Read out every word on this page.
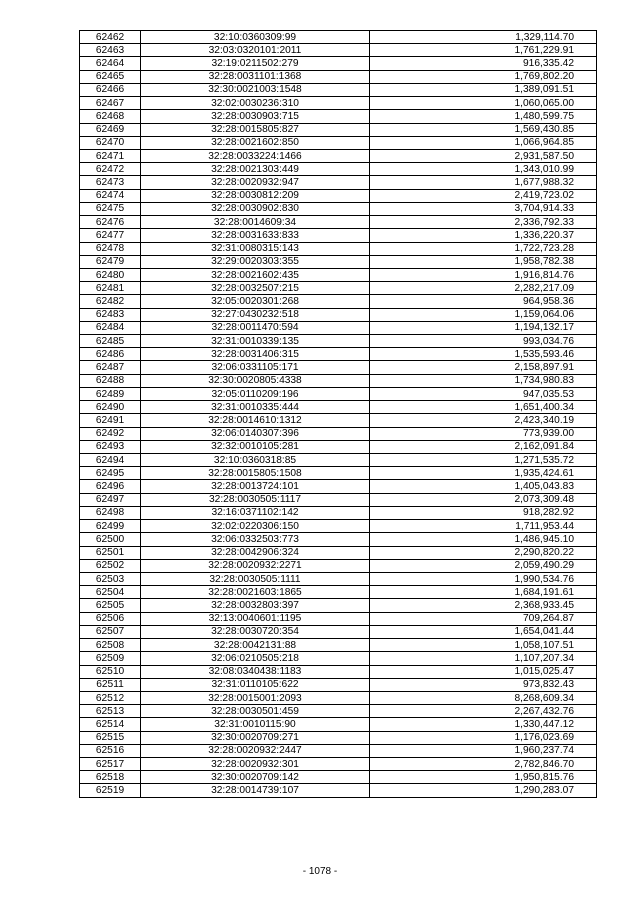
62462	32:10:0360309:99	1,329,114.70
62463	32:03:0320101:2011	1,761,229.91
62464	32:19:0211502:279	916,335.42
62465	32:28:0031101:1368	1,769,802.20
62466	32:30:0021003:1548	1,389,091.51
62467	32:02:0030236:310	1,060,065.00
62468	32:28:0030903:715	1,480,599.75
62469	32:28:0015805:827	1,569,430.85
62470	32:28:0021602:850	1,066,964.85
62471	32:28:0033224:1466	2,931,587.50
62472	32:28:0021303:449	1,343,010.99
62473	32:28:0020932:947	1,677,988.32
62474	32:28:0030812:209	2,419,723.02
62475	32:28:0030902:830	3,704,914.33
62476	32:28:0014609:34	2,336,792.33
62477	32:28:0031633:833	1,336,220.37
62478	32:31:0080315:143	1,722,723.28
62479	32:29:0020303:355	1,958,782.38
62480	32:28:0021602:435	1,916,814.76
62481	32:28:0032507:215	2,282,217.09
62482	32:05:0020301:268	964,958.36
62483	32:27:0430232:518	1,159,064.06
62484	32:28:0011470:594	1,194,132.17
62485	32:31:0010339:135	993,034.76
62486	32:28:0031406:315	1,535,593.46
62487	32:06:0331105:171	2,158,897.91
62488	32:30:0020805:4338	1,734,980.83
62489	32:05:0110209:196	947,035.53
62490	32:31:0010335:444	1,651,400.34
62491	32:28:0014610:1312	2,423,340.19
62492	32:06:0140307:396	773,939.00
62493	32:32:0010105:281	2,162,091.84
62494	32:10:0360318:85	1,271,535.72
62495	32:28:0015805:1508	1,935,424.61
62496	32:28:0013724:101	1,405,043.83
62497	32:28:0030505:1117	2,073,309.48
62498	32:16:0371102:142	918,282.92
62499	32:02:0220306:150	1,711,953.44
62500	32:06:0332503:773	1,486,945.10
62501	32:28:0042906:324	2,290,820.22
62502	32:28:0020932:2271	2,059,490.29
62503	32:28:0030505:1111	1,990,534.76
62504	32:28:0021603:1865	1,684,191.61
62505	32:28:0032803:397	2,368,933.45
62506	32:13:0040601:1195	709,264.87
62507	32:28:0030720:354	1,654,041.44
62508	32:28:0042131:88	1,058,107.51
62509	32:06:0210505:218	1,107,207.34
62510	32:08:0340438:1183	1,015,025.47
62511	32:31:0110105:622	973,832.43
62512	32:28:0015001:2093	8,268,609.34
62513	32:28:0030501:459	2,267,432.76
62514	32:31:0010115:90	1,330,447.12
62515	32:30:0020709:271	1,176,023.69
62516	32:28:0020932:2447	1,960,237.74
62517	32:28:0020932:301	2,782,846.70
62518	32:30:0020709:142	1,950,815.76
62519	32:28:0014739:107	1,290,283.07
- 1078 -
